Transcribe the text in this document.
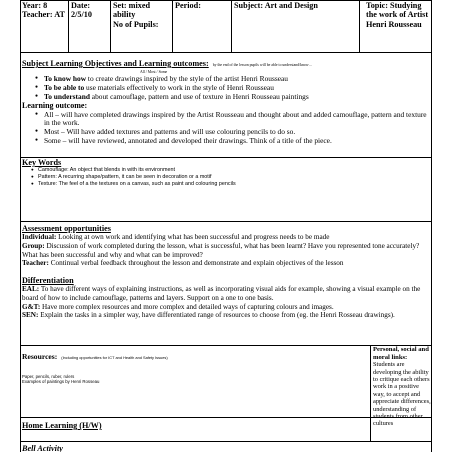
Year: 8
Teacher: AT
Date: 2/5/10
Set: mixed ability
No of Pupils:
Period:	Subject: Art and Design	Topic: Studying the work of Artist Henri Rousseau
Subject Learning Objectives and Learning outcomes: by the end of the lesson pupils will be able to understand/know…
All / Most / Some
● To know how to create drawings inspired by the style of the artist Henri Rousseau
● To be able to use materials effectively to work in the style of Henri Rousseau
● To understand about camouflage, pattern and use of texture in Henri Rousseau paintings
Learning outcome:
● All – will have completed drawings inspired by the Artist Rousseau and thought about and added camouflage, pattern and texture in the work.
● Most – Will have added textures and patterns and will use colouring pencils to do so.
● Some – will have reviewed, annotated and developed their drawings. Think of a title of the piece.
Key Words
● Camouflage: An object that blends in with its environment
● Pattern: A recurring shape/pattern, it can be seen in decoration or a motif
● Texture: The feel of a the textures on a canvas, such as paint and colouring pencils
Assessment opportunities
Individual: Looking at own work and identifying what has been successful and progress needs to be made
Group: Discussion of work completed during the lesson, what is successful, what has been learnt? Have you represented tone accurately? What has been successful and why and what can be improved?
Teacher: Continual verbal feedback throughout the lesson and demonstrate and explain objectives of the lesson
Differentiation
EAL: To have different ways of explaining instructions, as well as incorporating visual aids for example, showing a visual example on the board of how to include camouflage, patterns and layers. Support on a one to one basis.
G&T: Have more complex resources and more complex and detailed ways of capturing colours and images.
SEN: Explain the tasks in a simpler way, have differentiated range of resources to choose from (eg. the Henri Rosseau drawings).
Resources: (Including opportunities for ICT and Health and Safety Issues)
Paper, pencils, ruber, rulers
Examples of paintings by Henri Rosseau
Personal, social and moral links:
Students are developing the ability to critique each others work in a positive way, to accept and appreciate differences, understanding of students from other cultures
Home Learning (H/W)
Bell Activity
